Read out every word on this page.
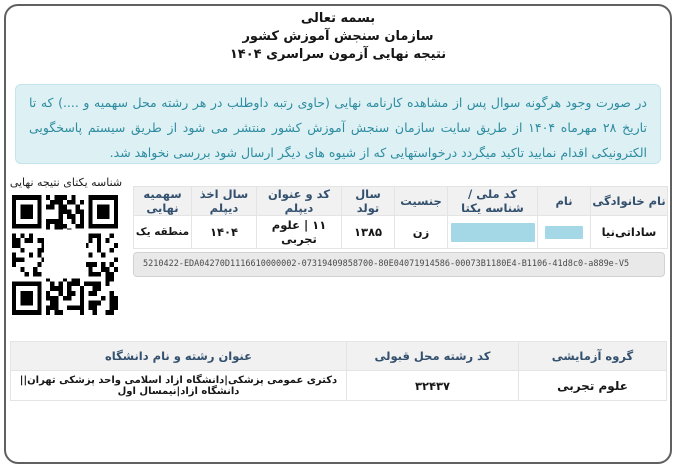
بسمه تعالی
سازمان سنجش آموزش کشور
نتیجه نهایی آزمون سراسری ۱۴۰۴
در صورت وجود هرگونه سوال پس از مشاهده کارنامه نهایی (حاوی رتبه داوطلب در هر رشته محل سهمیه و ....) که تا تاریخ ۲۸ مهرماه ۱۴۰۴ از طریق سایت سازمان سنجش آموزش کشور منتشر می شود از طریق سیستم پاسخگویی الکترونیکی اقدام نمایید تاکید میگردد درخواستهایی که از شیوه های دیگر ارسال شود بررسی نخواهد شد.
شناسه یکتای نتیجه نهایی
نام خانوادگی	نام	کد ملی / شناسه یکتا	جنسیت	سال تولد	کد و عنوان دیپلم	سال اخذ دیپلم	سهمیه نهایی
ساداتی‌نیا			زن	۱۳۸۵	۱۱ | علوم تجربی	۱۴۰۴	منطقه یک
5210422-EDA04270D1116610000002-07319409858700-80E04071914586-00073B1180E4-B1106-41d8c0-a889e-V5
گروه آزمایشی	کد رشته محل قبولی	عنوان رشته و نام دانشگاه
علوم تجربی	۳۲۴۳۷	دکتری عمومی پزشکی|دانشگاه ازاد اسلامی واحد پزشکی تهران||دانشگاه ازاد|نیمسال اول
